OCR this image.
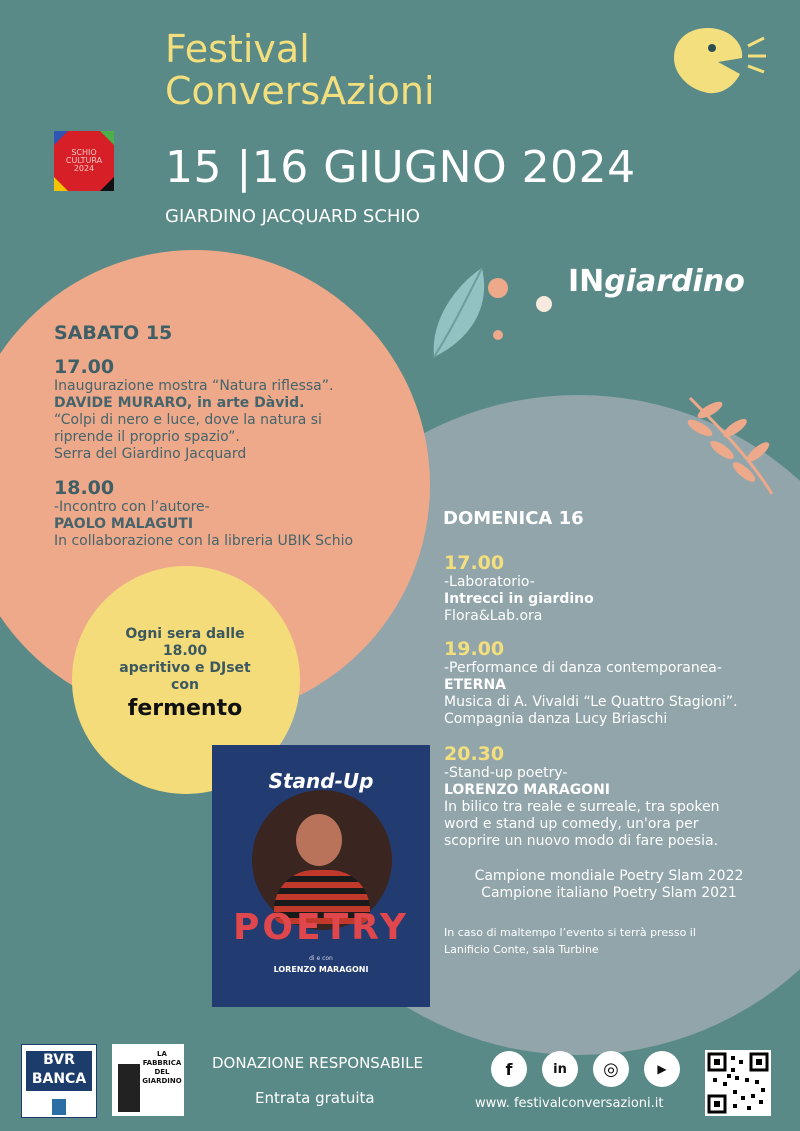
Festival
ConversAzioni
SCHIO
CULTURA
2024	15 |16 GIUGNO 2024
GIARDINO JACQUARD SCHIO
INgiardino
SABATO 15
17.00
Inaugurazione mostra “Natura riflessa”.
DAVIDE MURARO, in arte Dàvid.
“Colpi di nero e luce, dove la natura si
riprende il proprio spazio”.
Serra del Giardino Jacquard
18.00
-Incontro con l’autore-
PAOLO MALAGUTI
In collaborazione con la libreria UBIK Schio
Ogni sera dalle
18.00
aperitivo e DJset
con
fermento
DOMENICA 16
17.00
-Laboratorio-
Intrecci in giardino
Flora&Lab.ora
19.00
-Performance di danza contemporanea-
ETERNA
Musica di A. Vivaldi “Le Quattro Stagioni”.
Compagnia danza Lucy Briaschi
20.30
-Stand-up poetry-
LORENZO MARAGONI
In bilico tra reale e surreale, tra spoken
word e stand up comedy, un'ora per
scoprire un nuovo modo di fare poesia.
Campione mondiale Poetry Slam 2022
Campione italiano Poetry Slam 2021
In caso di maltempo l’evento si terrà presso il
Lanificio Conte, sala Turbine
Stand-Up
POETRY
di e con
LORENZO MARAGONI
BVR
BANCA
LA
FABBRICA
DEL
GIARDINO
DONAZIONE RESPONSABILE
Entrata gratuita
f	in	◎	▶
www. festivalconversazioni.it
